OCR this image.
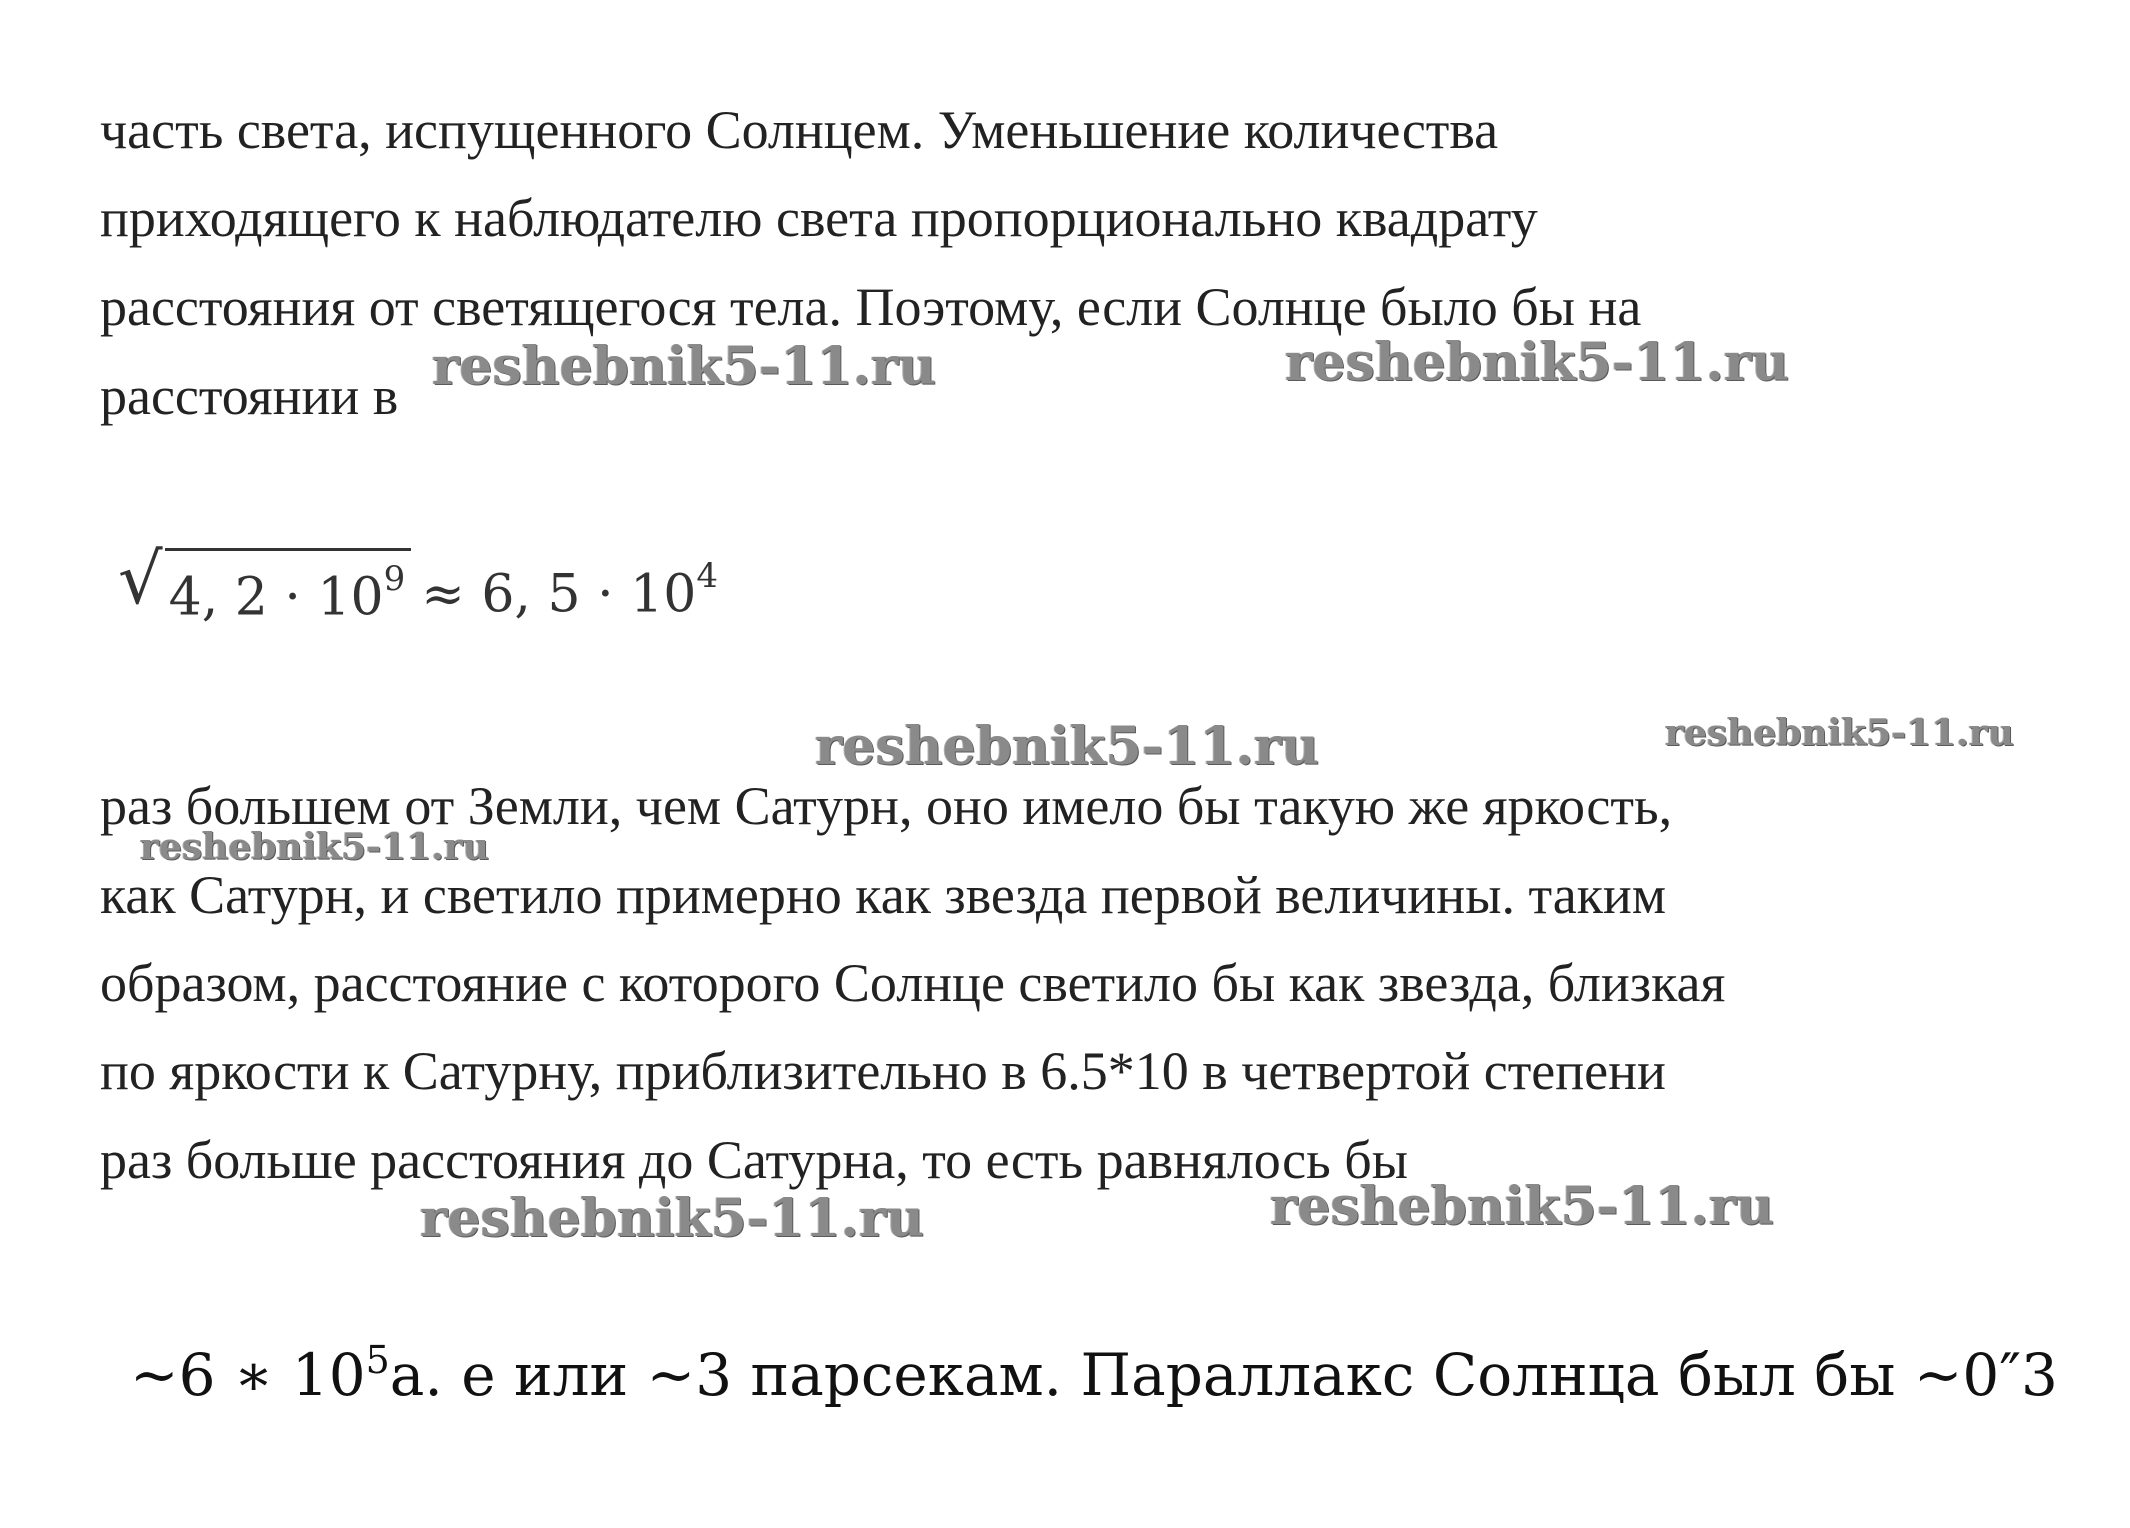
часть света, испущенного Солнцем. Уменьшение количества
приходящего к наблюдателю света пропорционально квадрату
расстояния от светящегося тела. Поэтому, если Солнце было бы на
расстоянии в reshebnik5-11.ru	reshebnik5-11.ru
√ 4, $2 \cdot 10^9 \approx 6$, $5 \cdot 10^4$
reshebnik5-11.ru	reshebnik5-11.ru
раз большем от Земли, чем Сатурн, оно имело бы такую же яркость,
reshebnik5-11.ru
как Сатурн, и светило примерно как звезда первой величины. таким
образом, расстояние с которого Солнце светило бы как звезда, близкая
по яркости к Сатурну, приблизительно в 6.5*10 в четвертой степени
раз больше расстояния до Сатурна, то есть равнялось бы
reshebnik5-11.ru	reshebnik5-11.ru
~6 ∗ $10^5а$. е или ~3 парсекам. Параллакс Солнца был бы ~0″3
